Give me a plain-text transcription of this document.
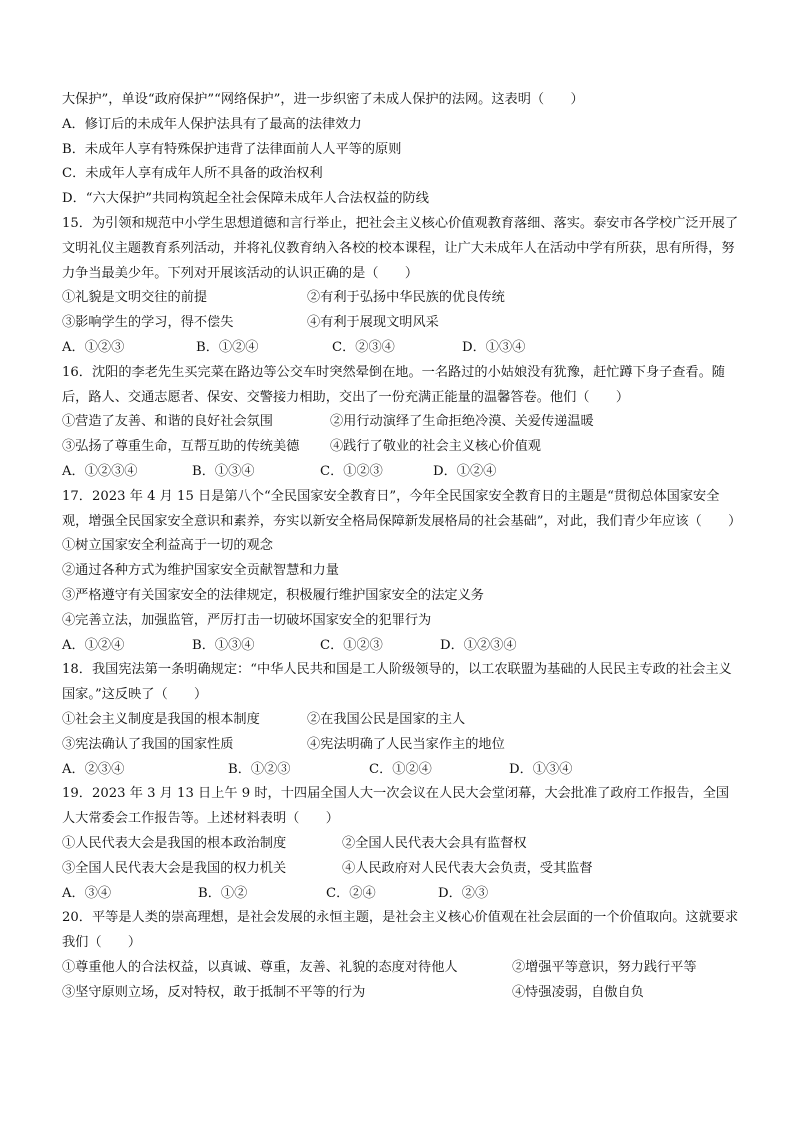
大保护”，单设“政府保护”“网络保护”，进一步织密了未成人保护的法网。这表明（　　）
A．修订后的未成年人保护法具有了最高的法律效力
B．未成年人享有特殊保护违背了法律面前人人平等的原则
C．未成年人享有成年人所不具备的政治权利
D．“六大保护”共同构筑起全社会保障未成年人合法权益的防线
15．为引领和规范中小学生思想道德和言行举止，把社会主义核心价值观教育落细、落实。泰安市各学校广泛开展了文明礼仪主题教育系列活动，并将礼仪教育纳入各校的校本课程，让广大未成年人在活动中学有所获，思有所得，努力争当最美少年。下列对开展该活动的认识正确的是（　　）
①礼貌是文明交往的前提	②有利于弘扬中华民族的优良传统
③影响学生的学习，得不偿失	④有利于展现文明风采
A．①②③	B．①②④	C．②③④	D．①③④
16．沈阳的李老先生买完菜在路边等公交车时突然晕倒在地。一名路过的小姑娘没有犹豫，赶忙蹲下身子查看。随后，路人、交通志愿者、保安、交警接力相助，交出了一份充满正能量的温馨答卷。他们（　　）
①营造了友善、和谐的良好社会氛围	②用行动演绎了生命拒绝冷漠、关爱传递温暖
③弘扬了尊重生命，互帮互助的传统美德	④践行了敬业的社会主义核心价值观
A．①②③④	B．①③④	C．①②③	D．①②④
17．2023 年 4 月 15 日是第八个“全民国家安全教育日”，今年全民国家安全教育日的主题是“贯彻总体国家安全观，增强全民国家安全意识和素养，夯实以新安全格局保障新发展格局的社会基础”，对此，我们青少年应该（　　）
①树立国家安全利益高于一切的观念
②通过各种方式为维护国家安全贡献智慧和力量
③严格遵守有关国家安全的法律规定，积极履行维护国家安全的法定义务
④完善立法，加强监管，严厉打击一切破坏国家安全的犯罪行为
A．①②④	B．①③④	C．①②③	D．①②③④
18．我国宪法第一条明确规定：“中华人民共和国是工人阶级领导的，以工农联盟为基础的人民民主专政的社会主义国家。”这反映了（　　）
①社会主义制度是我国的根本制度	②在我国公民是国家的主人
③宪法确认了我国的国家性质	④宪法明确了人民当家作主的地位
A．②③④	B．①②③	C．①②④	D．①③④
19．2023 年 3 月 13 日上午 9 时，十四届全国人大一次会议在人民大会堂闭幕，大会批准了政府工作报告，全国人大常委会工作报告等。上述材料表明（　　）
①人民代表大会是我国的根本政治制度	②全国人民代表大会具有监督权
③全国人民代表大会是我国的权力机关	④人民政府对人民代表大会负责，受其监督
A．③④	B．①②	C．②④	D．②③
20．平等是人类的崇高理想，是社会发展的永恒主题，是社会主义核心价值观在社会层面的一个价值取向。这就要求我们（　　）
①尊重他人的合法权益，以真诚、尊重，友善、礼貌的态度对待他人	②增强平等意识，努力践行平等
③坚守原则立场，反对特权，敢于抵制不平等的行为	④恃强凌弱，自傲自负
